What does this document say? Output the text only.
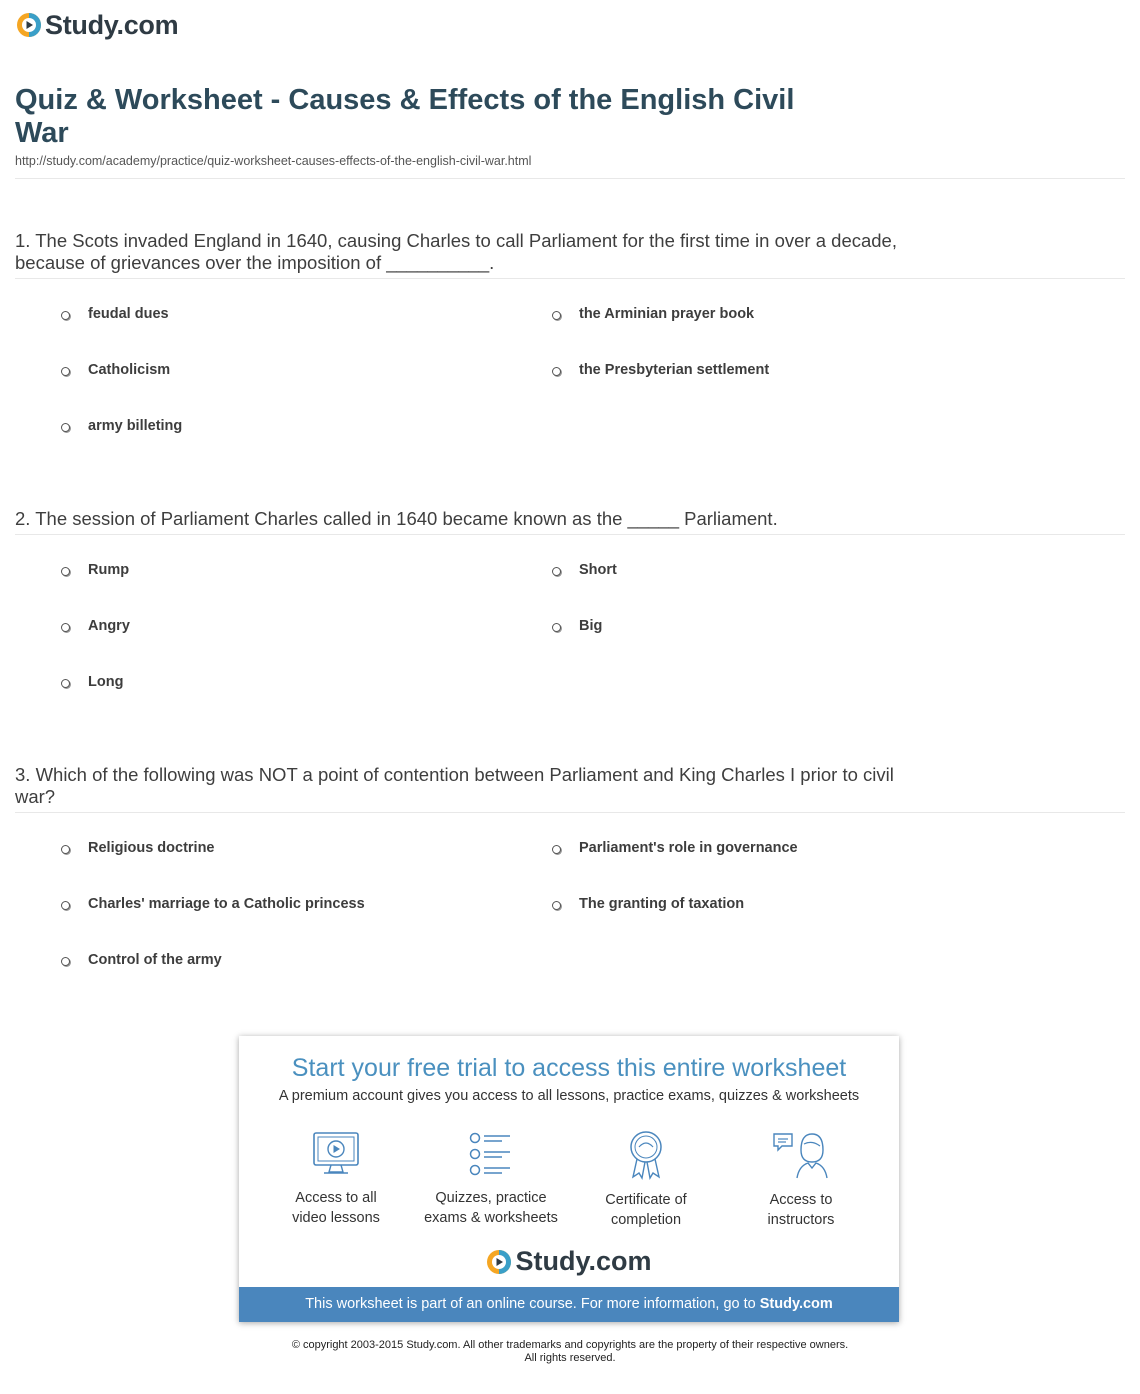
Study.com
Quiz & Worksheet - Causes & Effects of the English Civil War
http://study.com/academy/practice/quiz-worksheet-causes-effects-of-the-english-civil-war.html
1. The Scots invaded England in 1640, causing Charles to call Parliament for the first time in over a decade, because of grievances over the imposition of __________.
feudal dues	the Arminian prayer book
Catholicism	the Presbyterian settlement
army billeting
2. The session of Parliament Charles called in 1640 became known as the _____ Parliament.
Rump	Short
Angry	Big
Long
3. Which of the following was NOT a point of contention between Parliament and King Charles I prior to civil war?
Religious doctrine	Parliament's role in governance
Charles' marriage to a Catholic princess	The granting of taxation
Control of the army
Start your free trial to access this entire worksheet
A premium account gives you access to all lessons, practice exams, quizzes & worksheets
Access to all
video lessons
Quizzes, practice
exams & worksheets
Certificate of
completion
Access to
instructors
Study.com
This worksheet is part of an online course. For more information, go to Study.com
© copyright 2003-2015 Study.com. All other trademarks and copyrights are the property of their respective owners.
All rights reserved.
